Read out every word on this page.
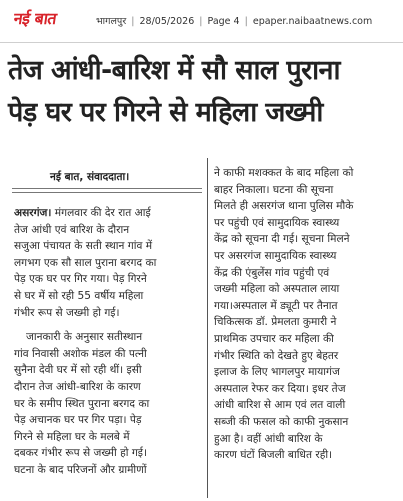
नई बात	भागलपुर | 28/05/2026 | Page 4 | epaper.naibaatnews.com
तेज आंधी-बारिश में सौ साल पुराना
पेड़ घर पर गिरने से महिला जख्मी
नई बात, संवाददाता।
असरगंज। मंगलवार की देर रात आई
तेज आंधी एवं बारिश के दौरान
सजुआ पंचायत के सती स्थान गांव में
लगभग एक सौ साल पुराना बरगद का
पेड़ एक घर पर गिर गया। पेड़ गिरने
से घर में सो रही 55 वर्षीय महिला
गंभीर रूप से जख्मी हो गई।
जानकारी के अनुसार सतीस्थान
गांव निवासी अशोक मंडल की पत्नी
सुनैना देवी घर में सो रही थीं। इसी
दौरान तेज आंधी-बारिश के कारण
घर के समीप स्थित पुराना बरगद का
पेड़ अचानक घर पर गिर पड़ा। पेड़
गिरने से महिला घर के मलबे में
दबकर गंभीर रूप से जख्मी हो गई।
घटना के बाद परिजनों और ग्रामीणों
ने काफी मशक्कत के बाद महिला को
बाहर निकाला। घटना की सूचना
मिलते ही असरगंज थाना पुलिस मौके
पर पहुंची एवं सामुदायिक स्वास्थ्य
केंद्र को सूचना दी गई। सूचना मिलने
पर असरगंज सामुदायिक स्वास्थ्य
केंद्र की एंबुलेंस गांव पहुंची एवं
जख्मी महिला को अस्पताल लाया
गया।अस्पताल में ड्यूटी पर तैनात
चिकित्सक डॉ. प्रेमलता कुमारी ने
प्राथमिक उपचार कर महिला की
गंभीर स्थिति को देखते हुए बेहतर
इलाज के लिए भागलपुर मायागंज
अस्पताल रेफर कर दिया। इधर तेज
आंधी बारिश से आम एवं लत वाली
सब्जी की फसल को काफी नुकसान
हुआ है। वहीं आंधी बारिश के
कारण घंटों बिजली बाधित रही।
